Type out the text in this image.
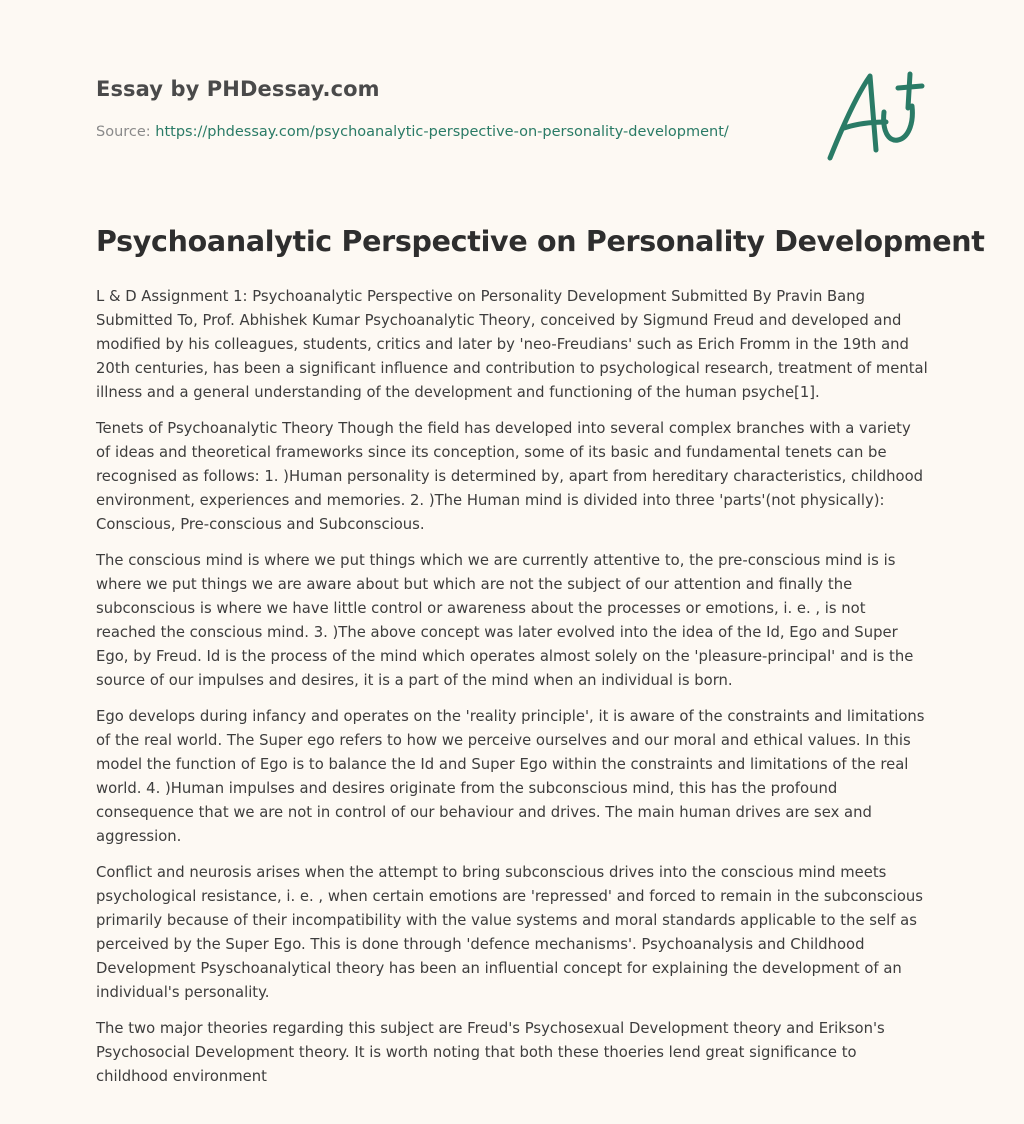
Essay by PHDessay.com
Source: https://phdessay.com/psychoanalytic-perspective-on-personality-development/
Psychoanalytic Perspective on Personality Development

L & D Assignment 1: Psychoanalytic Perspective on Personality Development Submitted By Pravin Bang Submitted To, Prof. Abhishek Kumar Psychoanalytic Theory, conceived by Sigmund Freud and developed and modified by his colleagues, students, critics and later by 'neo-Freudians' such as Erich Fromm in the 19th and 20th centuries, has been a significant influence and contribution to psychological research, treatment of mental illness and a general understanding of the development and functioning of the human psyche[1].

Tenets of Psychoanalytic Theory Though the field has developed into several complex branches with a variety of ideas and theoretical frameworks since its conception, some of its basic and fundamental tenets can be recognised as follows: 1. )Human personality is determined by, apart from hereditary characteristics, childhood environment, experiences and memories. 2. )The Human mind is divided into three 'parts'(not physically): Conscious, Pre-conscious and Subconscious.

The conscious mind is where we put things which we are currently attentive to, the pre-conscious mind is is where we put things we are aware about but which are not the subject of our attention and finally the subconscious is where we have little control or awareness about the processes or emotions, i. e. , is not reached the conscious mind. 3. )The above concept was later evolved into the idea of the Id, Ego and Super Ego, by Freud. Id is the process of the mind which operates almost solely on the 'pleasure-principal' and is the source of our impulses and desires, it is a part of the mind when an individual is born.

Ego develops during infancy and operates on the 'reality principle', it is aware of the constraints and limitations of the real world. The Super ego refers to how we perceive ourselves and our moral and ethical values. In this model the function of Ego is to balance the Id and Super Ego within the constraints and limitations of the real world. 4. )Human impulses and desires originate from the subconscious mind, this has the profound consequence that we are not in control of our behaviour and drives. The main human drives are sex and aggression.

Conflict and neurosis arises when the attempt to bring subconscious drives into the conscious mind meets psychological resistance, i. e. , when certain emotions are 'repressed' and forced to remain in the subconscious primarily because of their incompatibility with the value systems and moral standards applicable to the self as perceived by the Super Ego. This is done through 'defence mechanisms'. Psychoanalysis and Childhood Development Psyschoanalytical theory has been an influential concept for explaining the development of an individual's personality.

The two major theories regarding this subject are Freud's Psychosexual Development theory and Erikson's Psychosocial Development theory. It is worth noting that both these thoeries lend great significance to childhood environment
